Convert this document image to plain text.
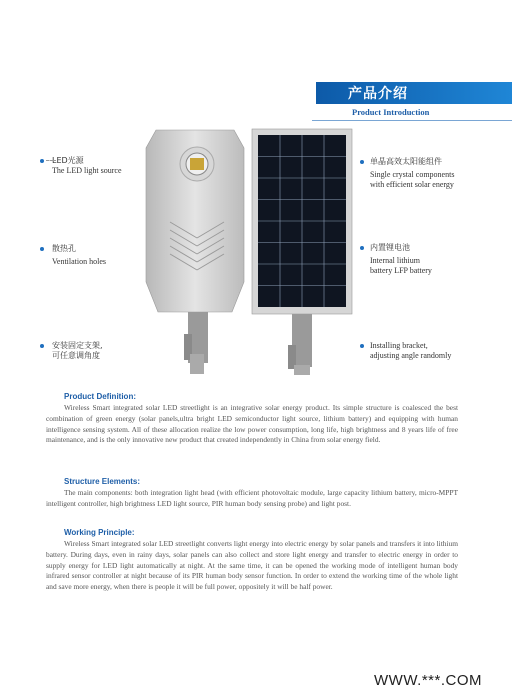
产品介绍
Product Introduction
LED光源
The LED light source
散热孔
Ventilation holes
安装固定支架,
可任意调角度
单晶高效太阳能组件
Single crystal components
with efficient solar energy
内置锂电池
Internal lithium
battery LFP battery
Installing bracket,
adjusting angle randomly
Product Definition:
Wireless Smart integrated solar LED streetlight is an integrative solar energy product. Its simple structure is coalesced the best combination of green energy (solar panels,ultra bright LED semiconductor light source, lithium battery) and equipping with human intelligence sensing system. All of these allocation realize the low power consumption, long life, high brightness and 8 years life of free maintenance, and is the only innovative new product that created independently in China from solar energy field.
Structure Elements:
The main components: both integration light head (with efficient photovoltaic module, large capacity lithium battery, micro-MPPT intelligent controller, high brightness LED light source, PIR human body sensing probe) and light post.
Working Principle:
Wireless Smart integrated solar LED streetlight converts light energy into electric energy by solar panels and transfers it into lithium battery. During days, even in rainy days, solar panels can also collect and store light energy and transfer to electric energy in order to supply energy for LED light automatically at night. At the same time, it can be opened the working mode of intelligent human body infrared sensor controller at night because of its PIR human body sensor function. In order to extend the working time of the whole light and save more energy, when there is people it will be full power, oppositely it will be half power.
WWW.***.COM
